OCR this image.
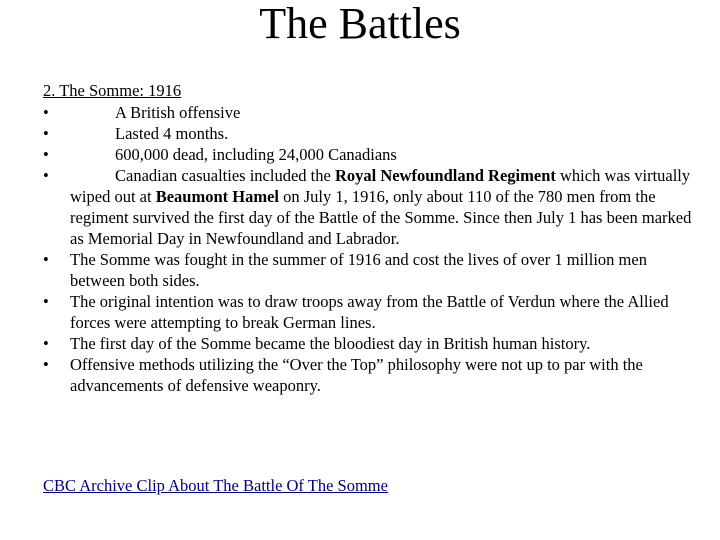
The Battles
2. The Somme: 1916
•	A British offensive
•	Lasted 4 months.
•	600,000 dead, including 24,000 Canadians
•	Canadian casualties included the Royal Newfoundland Regiment which was virtually wiped out at Beaumont Hamel on July 1, 1916, only about 110 of the 780 men from the regiment survived the first day of the Battle of the Somme. Since then July 1 has been marked as Memorial Day in Newfoundland and Labrador.
• The Somme was fought in the summer of 1916 and cost the lives of over 1 million men between both sides.
• The original intention was to draw troops away from the Battle of Verdun where the Allied forces were attempting to break German lines.
• The first day of the Somme became the bloodiest day in British human history.
• Offensive methods utilizing the “Over the Top” philosophy were not up to par with the advancements of defensive weaponry.
CBC Archive Clip About The Battle Of The Somme
